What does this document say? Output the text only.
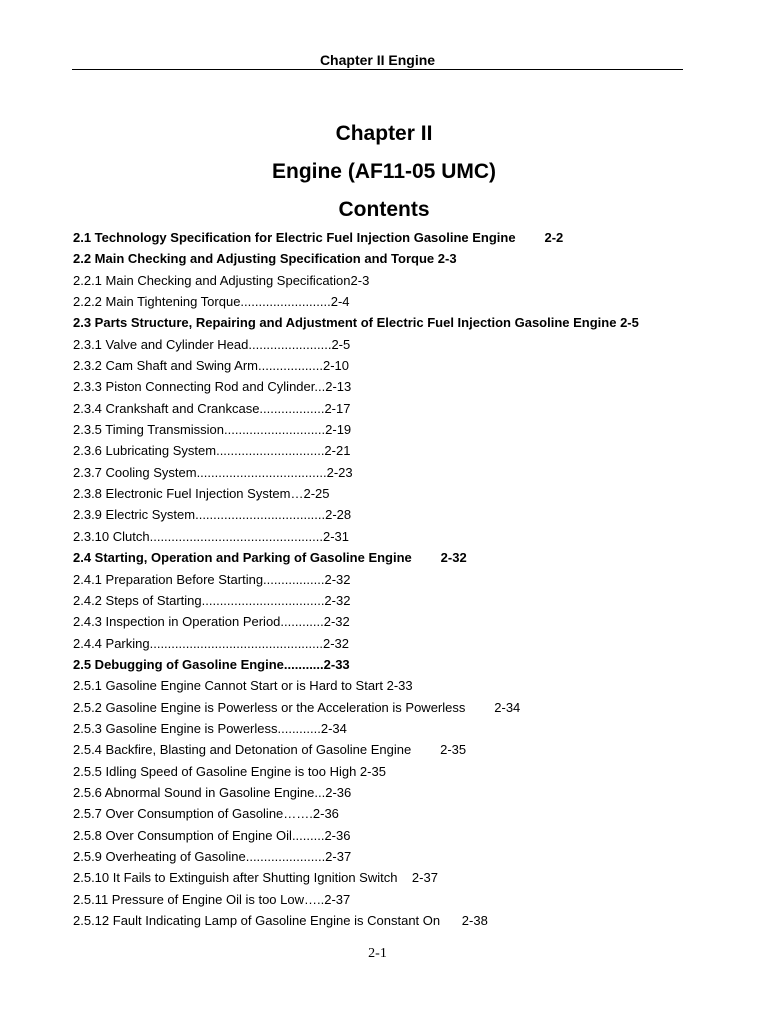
Chapter II Engine
Chapter II
Engine (AF11-05 UMC)
Contents
2.1 Technology Specification for Electric Fuel Injection Gasoline Engine        2-2
2.2 Main Checking and Adjusting Specification and Torque 2-3
2.2.1 Main Checking and Adjusting Specification2-3
2.2.2 Main Tightening Torque.........................2-4
2.3 Parts Structure, Repairing and Adjustment of Electric Fuel Injection Gasoline Engine 2-5
2.3.1 Valve and Cylinder Head.......................2-5
2.3.2 Cam Shaft and Swing Arm..................2-10
2.3.3 Piston Connecting Rod and Cylinder...2-13
2.3.4 Crankshaft and Crankcase..................2-17
2.3.5 Timing Transmission............................2-19
2.3.6 Lubricating System..............................2-21
2.3.7 Cooling System....................................2-23
2.3.8 Electronic Fuel Injection System…2-25
2.3.9 Electric System....................................2-28
2.3.10 Clutch................................................2-31
2.4 Starting, Operation and Parking of Gasoline Engine        2-32
2.4.1 Preparation Before Starting.................2-32
2.4.2 Steps of Starting..................................2-32
2.4.3 Inspection in Operation Period............2-32
2.4.4 Parking................................................2-32
2.5 Debugging of Gasoline Engine...........2-33
2.5.1 Gasoline Engine Cannot Start or is Hard to Start 2-33
2.5.2 Gasoline Engine is Powerless or the Acceleration is Powerless        2-34
2.5.3 Gasoline Engine is Powerless............2-34
2.5.4 Backfire, Blasting and Detonation of Gasoline Engine        2-35
2.5.5 Idling Speed of Gasoline Engine is too High 2-35
2.5.6 Abnormal Sound in Gasoline Engine...2-36
2.5.7 Over Consumption of Gasoline…….2-36
2.5.8 Over Consumption of Engine Oil.........2-36
2.5.9 Overheating of Gasoline......................2-37
2.5.10 It Fails to Extinguish after Shutting Ignition Switch    2-37
2.5.11 Pressure of Engine Oil is too Low…..2-37
2.5.12 Fault Indicating Lamp of Gasoline Engine is Constant On      2-38
2-1
